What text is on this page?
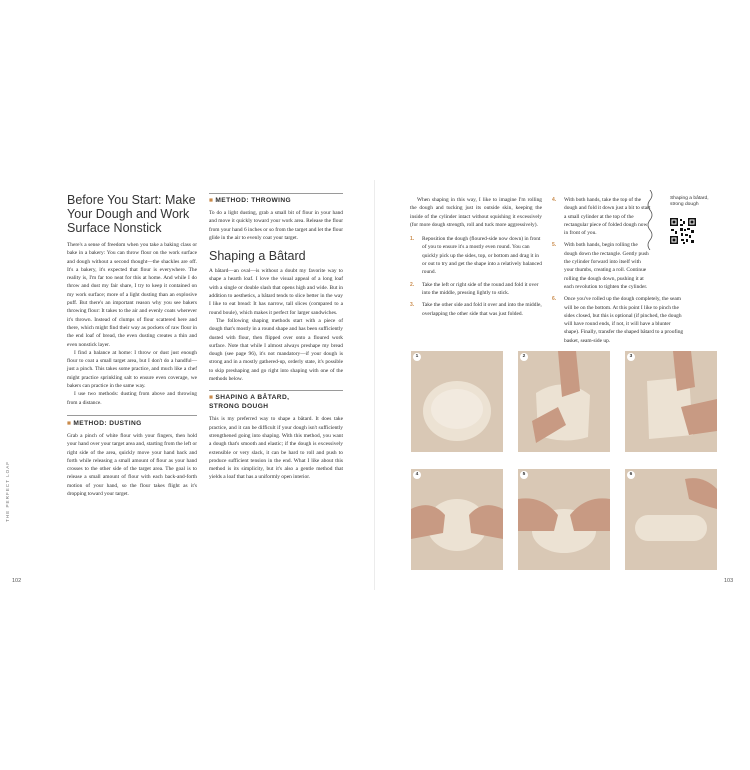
Before You Start: Make Your Dough and Work Surface Nonstick

There's a sense of freedom when you take a baking class or bake in a bakery: You can throw flour on the work surface and dough without a second thought—the shackles are off. It's a bakery, it's expected that flour is everywhere. The reality is, I'm far too neat for this at home. And while I do throw and dust my fair share, I try to keep it contained on my work surface; more of a light dusting than an explosive puff. But there's an important reason why you see bakers throwing flour: It takes to the air and evenly coats wherever it's thrown. Instead of clumps of flour scattered here and there, which might find their way as pockets of raw flour in the end loaf of bread, the even dusting creates a thin and even nonstick layer.

I find a balance at home: I throw or dust just enough flour to coat a small target area, but I don't do a handful—just a pinch. This takes some practice, and much like a chef might practice sprinkling salt to ensure even coverage, we bakers can practice in the same way.

I use two methods: dusting from above and throwing from a distance.

■ METHOD: DUSTING

Grab a pinch of white flour with your fingers, then hold your hand over your target area and, starting from the left or right side of the area, quickly move your hand back and forth while releasing a small amount of flour as your hand crosses to the other side of the target area. The goal is to release a small amount of flour with each back-and-forth motion of your hand, so the flour takes flight as it's dropping toward your target.

■ METHOD: THROWING

To do a light dusting, grab a small bit of flour in your hand and move it quickly toward your work area. Release the flour from your hand 6 inches or so from the target and let the flour glide in the air to evenly coat your target.

Shaping a Bâtard

A bâtard—an oval—is without a doubt my favorite way to shape a hearth loaf. I love the visual appeal of a long loaf with a single or double slash that opens high and wide. But in addition to aesthetics, a bâtard tends to slice better in the way I like to eat bread: It has narrow, tall slices (compared to a round boule), which makes it perfect for larger sandwiches.

The following shaping methods start with a piece of dough that's mostly in a round shape and has been sufficiently dusted with flour, then flipped over onto a floured work surface. Note that while I almost always preshape my bread dough (see page 96), it's not mandatory—if your dough is strong and in a mostly gathered-up, orderly state, it's possible to skip preshaping and go right into shaping with one of the methods below.

■ SHAPING A BÂTARD, STRONG DOUGH

This is my preferred way to shape a bâtard. It does take practice, and it can be difficult if your dough isn't sufficiently strengthened going into shaping. With this method, you want a dough that's smooth and elastic; if the dough is excessively extensible or very slack, it can be hard to roll and push to produce sufficient tension in the end. What I like about this method is its simplicity, but it's also a gentle method that yields a loaf that has a uniformly open interior.

THE PERFECT LOAF
102

When shaping in this way, I like to imagine I'm rolling the dough and tucking just its outside skin, keeping the inside of the cylinder intact without squishing it excessively (for more dough strength, roll and tuck more aggressively).

1. Reposition the dough (floured-side now down) in front of you to ensure it's a mostly even round. You can quickly pick up the sides, top, or bottom and drag it in or out to try and get the shape into a relatively balanced round.
2. Take the left or right side of the round and fold it over into the middle, pressing lightly to stick.
3. Take the other side and fold it over and into the middle, overlapping the other side that was just folded.
4. With both hands, take the top of the dough and fold it down just a bit to start a small cylinder at the top of the rectangular piece of folded dough now in front of you.
5. With both hands, begin rolling the dough down the rectangle. Gently push the cylinder forward into itself with your thumbs, creating a roll. Continue rolling the dough down, pushing it at each revolution to tighten the cylinder.
6. Once you've rolled up the dough completely, the seam will be on the bottom. At this point I like to pinch the sides closed, but this is optional (if pinched, the dough will have round ends, if not, it will have a blunter shape). Finally, transfer the shaped bâtard to a proofing basket, seam-side up.
1	2	3
4	5	6
103
Shaping a bâtard, strong dough
